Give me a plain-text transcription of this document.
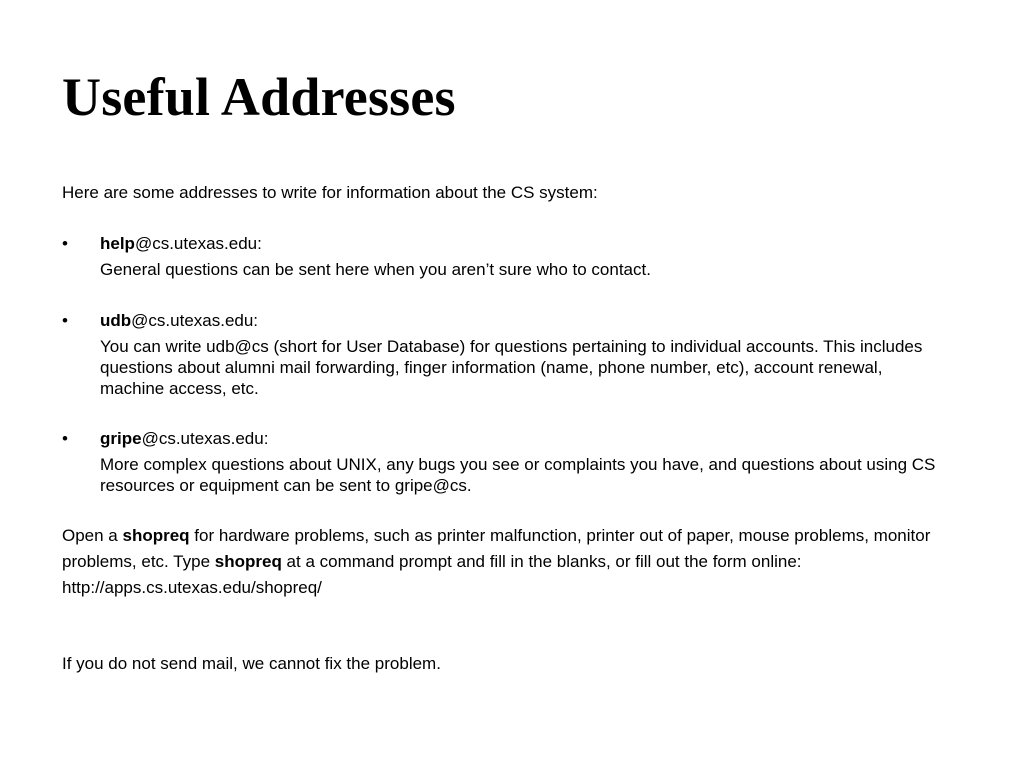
Useful Addresses

Here are some addresses to write for information about the CS system:

• help@cs.utexas.edu:
General questions can be sent here when you aren’t sure who to contact.
• udb@cs.utexas.edu:
You can write udb@cs (short for User Database) for questions pertaining to individual accounts. This includes questions about alumni mail forwarding, finger information (name, phone number, etc), account renewal, machine access, etc.
• gripe@cs.utexas.edu:
More complex questions about UNIX, any bugs you see or complaints you have, and questions about using CS resources or equipment can be sent to gripe@cs.

Open a shopreq for hardware problems, such as printer malfunction, printer out of paper, mouse problems, monitor problems, etc. Type shopreq at a command prompt and fill in the blanks, or fill out the form online: http://apps.cs.utexas.edu/shopreq/

If you do not send mail, we cannot fix the problem.
